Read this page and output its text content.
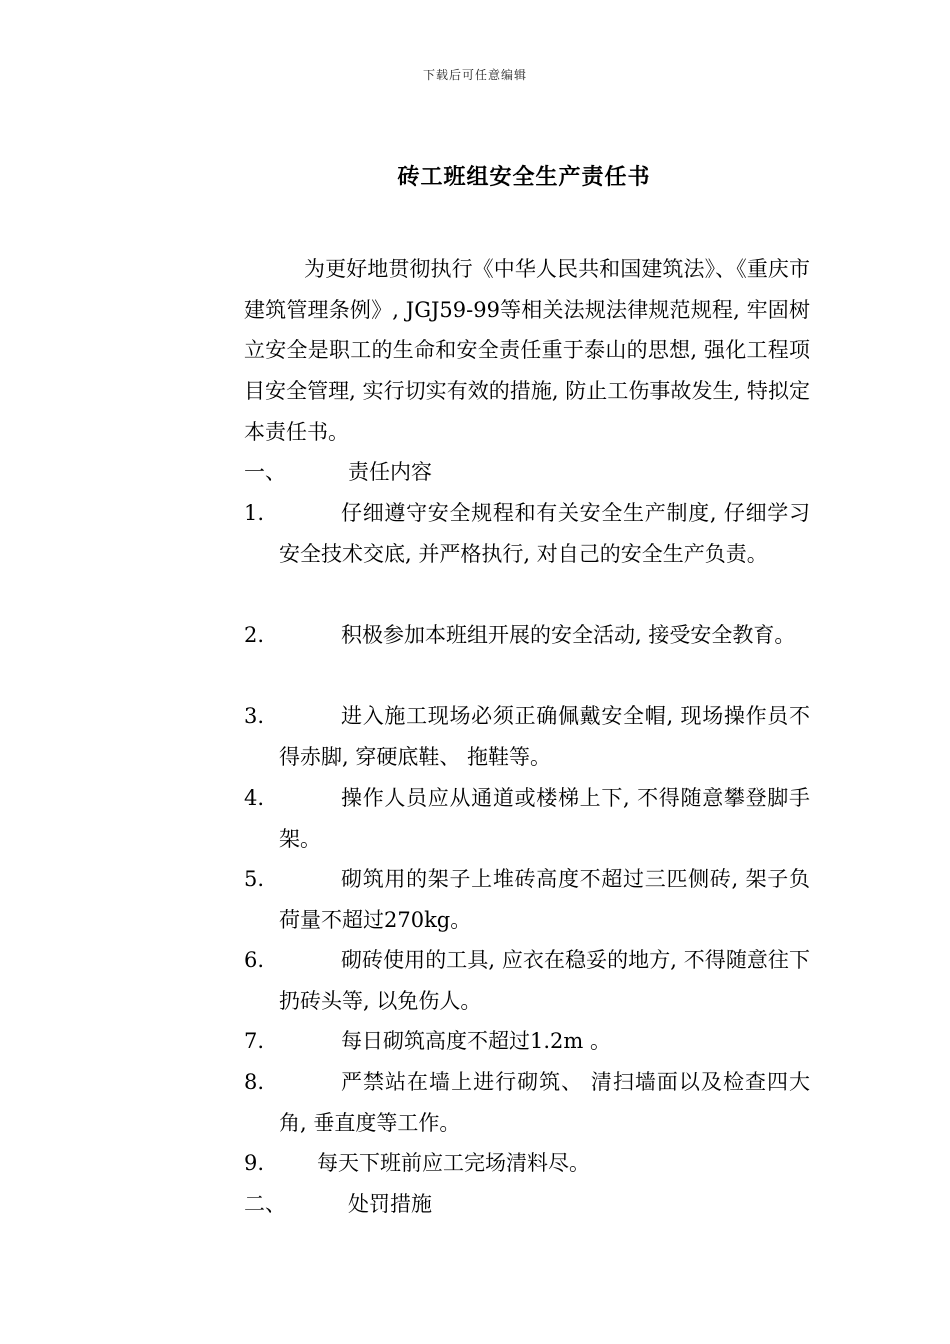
下载后可任意编辑
砖工班组安全生产责任书
为更好地贯彻执行《中华人民共和国建筑法》、《重庆市建筑管理条例》, JGJ59-99等相关法规法律规范规程, 牢固树立安全是职工的生命和安全责任重于泰山的思想, 强化工程项目安全管理, 实行切实有效的措施, 防止工伤事故发生, 特拟定本责任书。
一、	责任内容
1.	仔细遵守安全规程和有关安全生产制度, 仔细学习安全技术交底, 并严格执行, 对自己的安全生产负责。
2.	积极参加本班组开展的安全活动, 接受安全教育。
3.	进入施工现场必须正确佩戴安全帽, 现场操作员不得赤脚, 穿硬底鞋、 拖鞋等。
4.	操作人员应从通道或楼梯上下, 不得随意攀登脚手架。
5.	砌筑用的架子上堆砖高度不超过三匹侧砖, 架子负荷量不超过270kg。
6.	砌砖使用的工具, 应衣在稳妥的地方, 不得随意往下扔砖头等, 以免伤人。
7.	每日砌筑高度不超过1.2m 。
8.	严禁站在墙上进行砌筑、 清扫墙面以及检查四大角, 垂直度等工作。
9.	每天下班前应工完场清料尽。
二、	处罚措施
